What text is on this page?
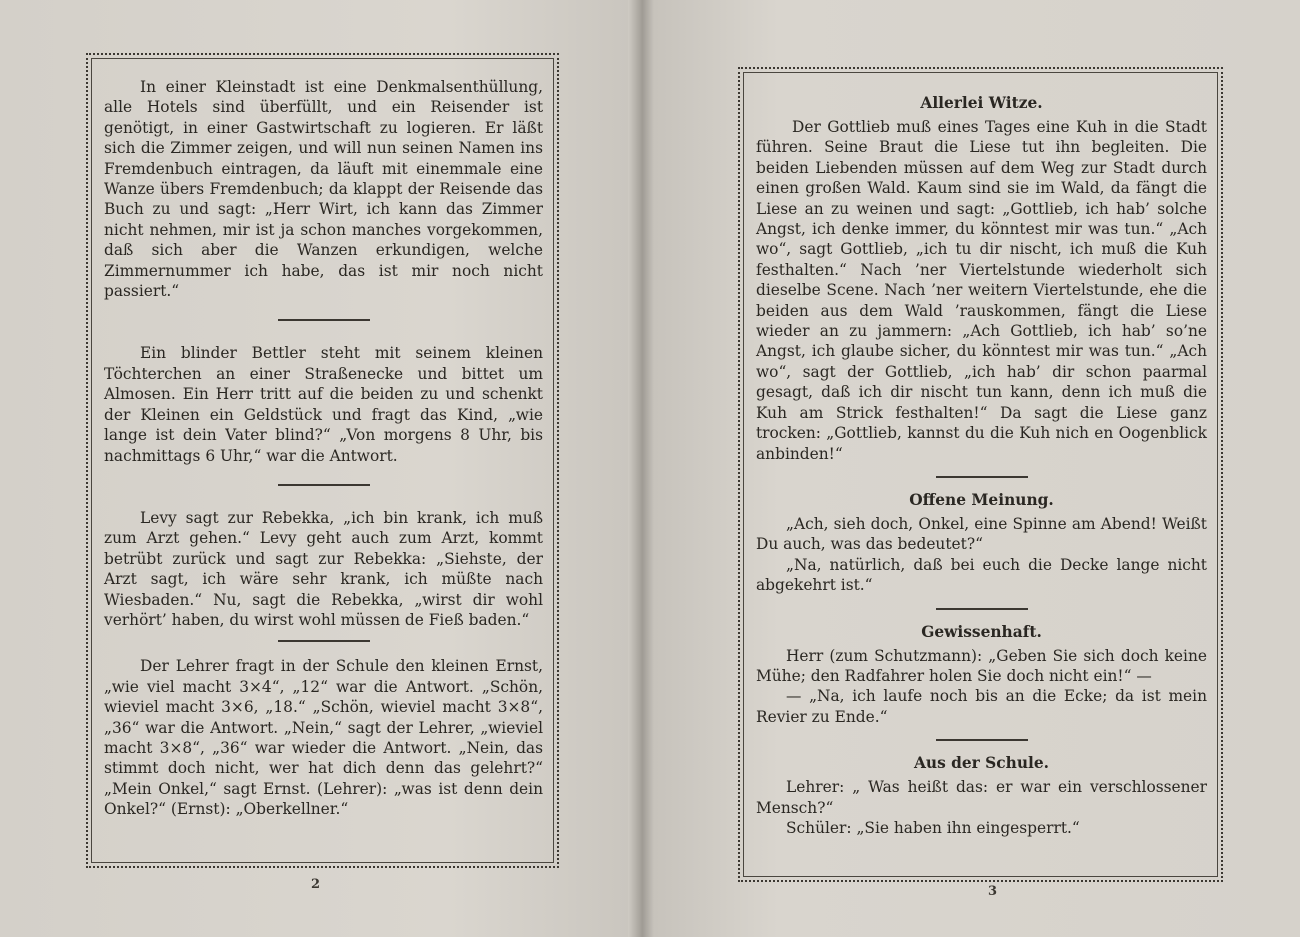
In einer Kleinstadt ist eine Denkmalsenthüllung, alle Hotels sind überfüllt, und ein Reisender ist genötigt, in einer Gastwirtschaft zu logieren. Er läßt sich die Zimmer zeigen, und will nun seinen Namen ins Fremdenbuch eintragen, da läuft mit einemmale eine Wanze übers Fremdenbuch; da klappt der Reisende das Buch zu und sagt: „Herr Wirt, ich kann das Zimmer nicht nehmen, mir ist ja schon manches vorgekommen, daß sich aber die Wanzen erkundigen, welche Zimmernummer ich habe, das ist mir noch nicht passiert.“

Ein blinder Bettler steht mit seinem kleinen Töchterchen an einer Straßenecke und bittet um Almosen. Ein Herr tritt auf die beiden zu und schenkt der Kleinen ein Geldstück und fragt das Kind, „wie lange ist dein Vater blind?“ „Von morgens 8 Uhr, bis nachmittags 6 Uhr,“ war die Antwort.

Levy sagt zur Rebekka, „ich bin krank, ich muß zum Arzt gehen.“ Levy geht auch zum Arzt, kommt betrübt zurück und sagt zur Rebekka: „Siehste, der Arzt sagt, ich wäre sehr krank, ich müßte nach Wiesbaden.“ Nu, sagt die Rebekka, „wirst dir wohl verhört’ haben, du wirst wohl müssen de Fieß baden.“

Der Lehrer fragt in der Schule den kleinen Ernst, „wie viel macht 3×4“, „12“ war die Antwort. „Schön, wieviel macht 3×6, „18.“ „Schön, wieviel macht 3×8“, „36“ war die Antwort. „Nein,“ sagt der Lehrer, „wieviel macht 3×8“, „36“ war wieder die Antwort. „Nein, das stimmt doch nicht, wer hat dich denn das gelehrt?“ „Mein Onkel,“ sagt Ernst. (Lehrer): „was ist denn dein Onkel?“ (Ernst): „Oberkellner.“

2
Allerlei Witze.

Der Gottlieb muß eines Tages eine Kuh in die Stadt führen. Seine Braut die Liese tut ihn begleiten. Die beiden Liebenden müssen auf dem Weg zur Stadt durch einen großen Wald. Kaum sind sie im Wald, da fängt die Liese an zu weinen und sagt: „Gottlieb, ich hab’ solche Angst, ich denke immer, du könntest mir was tun.“ „Ach wo“, sagt Gottlieb, „ich tu dir nischt, ich muß die Kuh festhalten.“ Nach ’ner Viertelstunde wiederholt sich dieselbe Scene. Nach ’ner weitern Viertelstunde, ehe die beiden aus dem Wald ’rauskommen, fängt die Liese wieder an zu jammern: „Ach Gottlieb, ich hab’ so’ne Angst, ich glaube sicher, du könntest mir was tun.“ „Ach wo“, sagt der Gottlieb, „ich hab’ dir schon paarmal gesagt, daß ich dir nischt tun kann, denn ich muß die Kuh am Strick festhalten!“ Da sagt die Liese ganz trocken: „Gottlieb, kannst du die Kuh nich en Oogenblick anbinden!“

Offene Meinung.

„Ach, sieh doch, Onkel, eine Spinne am Abend! Weißt Du auch, was das bedeutet?“

„Na, natürlich, daß bei euch die Decke lange nicht abgekehrt ist.“

Gewissenhaft.

Herr (zum Schutzmann): „Geben Sie sich doch keine Mühe; den Radfahrer holen Sie doch nicht ein!“ —

— „Na, ich laufe noch bis an die Ecke; da ist mein Revier zu Ende.“

Aus der Schule.

Lehrer: „ Was heißt das: er war ein verschlossener Mensch?“

Schüler: „Sie haben ihn eingesperrt.“

3
